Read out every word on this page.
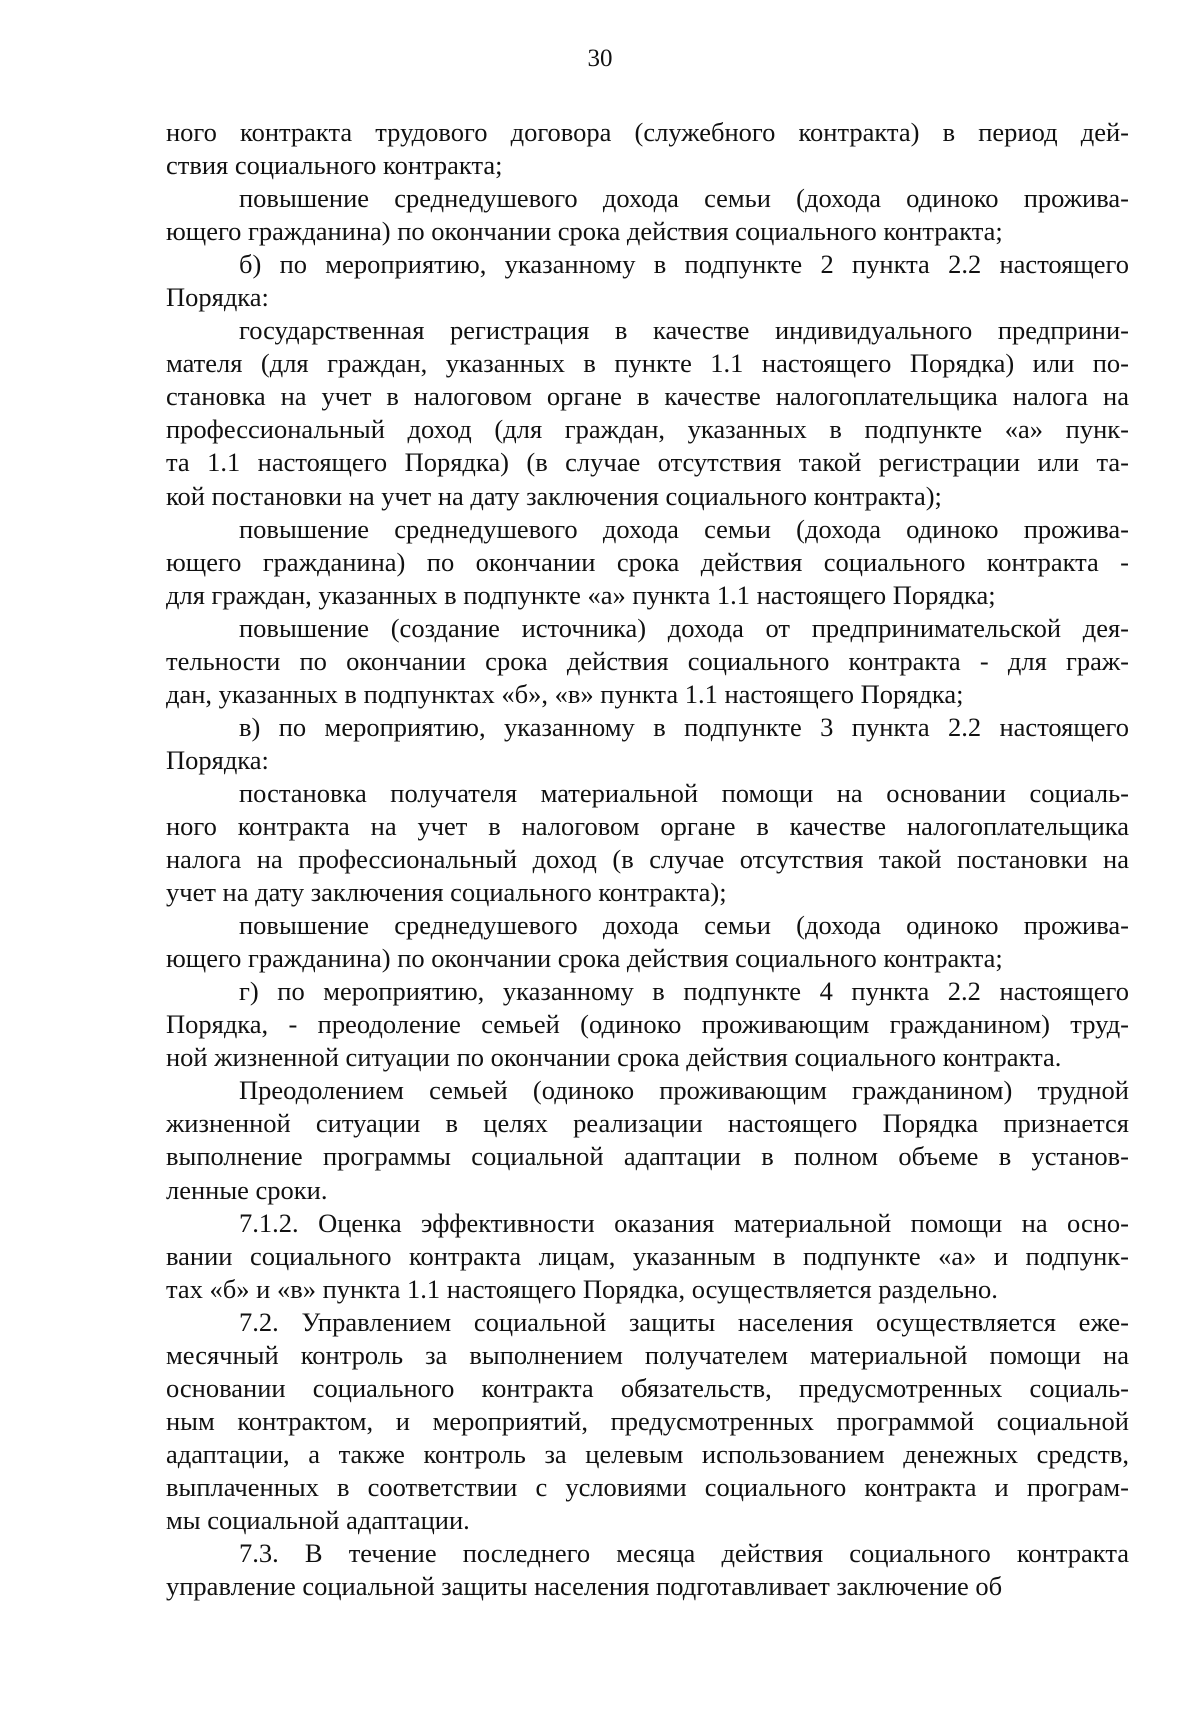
30

ного контракта трудового договора (служебного контракта) в период дей-
ствия социального контракта;

повышение среднедушевого дохода семьи (дохода одиноко прожива-
ющего гражданина) по окончании срока действия социального контракта;

б) по мероприятию, указанному в подпункте 2 пункта 2.2 настоящего
Порядка:

государственная регистрация в качестве индивидуального предприни-
мателя (для граждан, указанных в пункте 1.1 настоящего Порядка) или по-
становка на учет в налоговом органе в качестве налогоплательщика налога на
профессиональный доход (для граждан, указанных в подпункте «а» пунк-
та 1.1 настоящего Порядка) (в случае отсутствия такой регистрации или та-
кой постановки на учет на дату заключения социального контракта);

повышение среднедушевого дохода семьи (дохода одиноко прожива-
ющего гражданина) по окончании срока действия социального контракта -
для граждан, указанных в подпункте «а» пункта 1.1 настоящего Порядка;

повышение (создание источника) дохода от предпринимательской дея-
тельности по окончании срока действия социального контракта - для граж-
дан, указанных в подпунктах «б», «в» пункта 1.1 настоящего Порядка;

в) по мероприятию, указанному в подпункте 3 пункта 2.2 настоящего
Порядка:

постановка получателя материальной помощи на основании социаль-
ного контракта на учет в налоговом органе в качестве налогоплательщика
налога на профессиональный доход (в случае отсутствия такой постановки на
учет на дату заключения социального контракта);

повышение среднедушевого дохода семьи (дохода одиноко прожива-
ющего гражданина) по окончании срока действия социального контракта;

г) по мероприятию, указанному в подпункте 4 пункта 2.2 настоящего
Порядка, - преодоление семьей (одиноко проживающим гражданином) труд-
ной жизненной ситуации по окончании срока действия социального контракта.

Преодолением семьей (одиноко проживающим гражданином) трудной
жизненной ситуации в целях реализации настоящего Порядка признается
выполнение программы социальной адаптации в полном объеме в установ-
ленные сроки.

7.1.2. Оценка эффективности оказания материальной помощи на осно-
вании социального контракта лицам, указанным в подпункте «а» и подпунк-
тах «б» и «в» пункта 1.1 настоящего Порядка, осуществляется раздельно.

7.2. Управлением социальной защиты населения осуществляется еже-
месячный контроль за выполнением получателем материальной помощи на
основании социального контракта обязательств, предусмотренных социаль-
ным контрактом, и мероприятий, предусмотренных программой социальной
адаптации, а также контроль за целевым использованием денежных средств,
выплаченных в соответствии с условиями социального контракта и програм-
мы социальной адаптации.

7.3. В течение последнего месяца действия социального контракта
управление социальной защиты населения подготавливает заключение об
